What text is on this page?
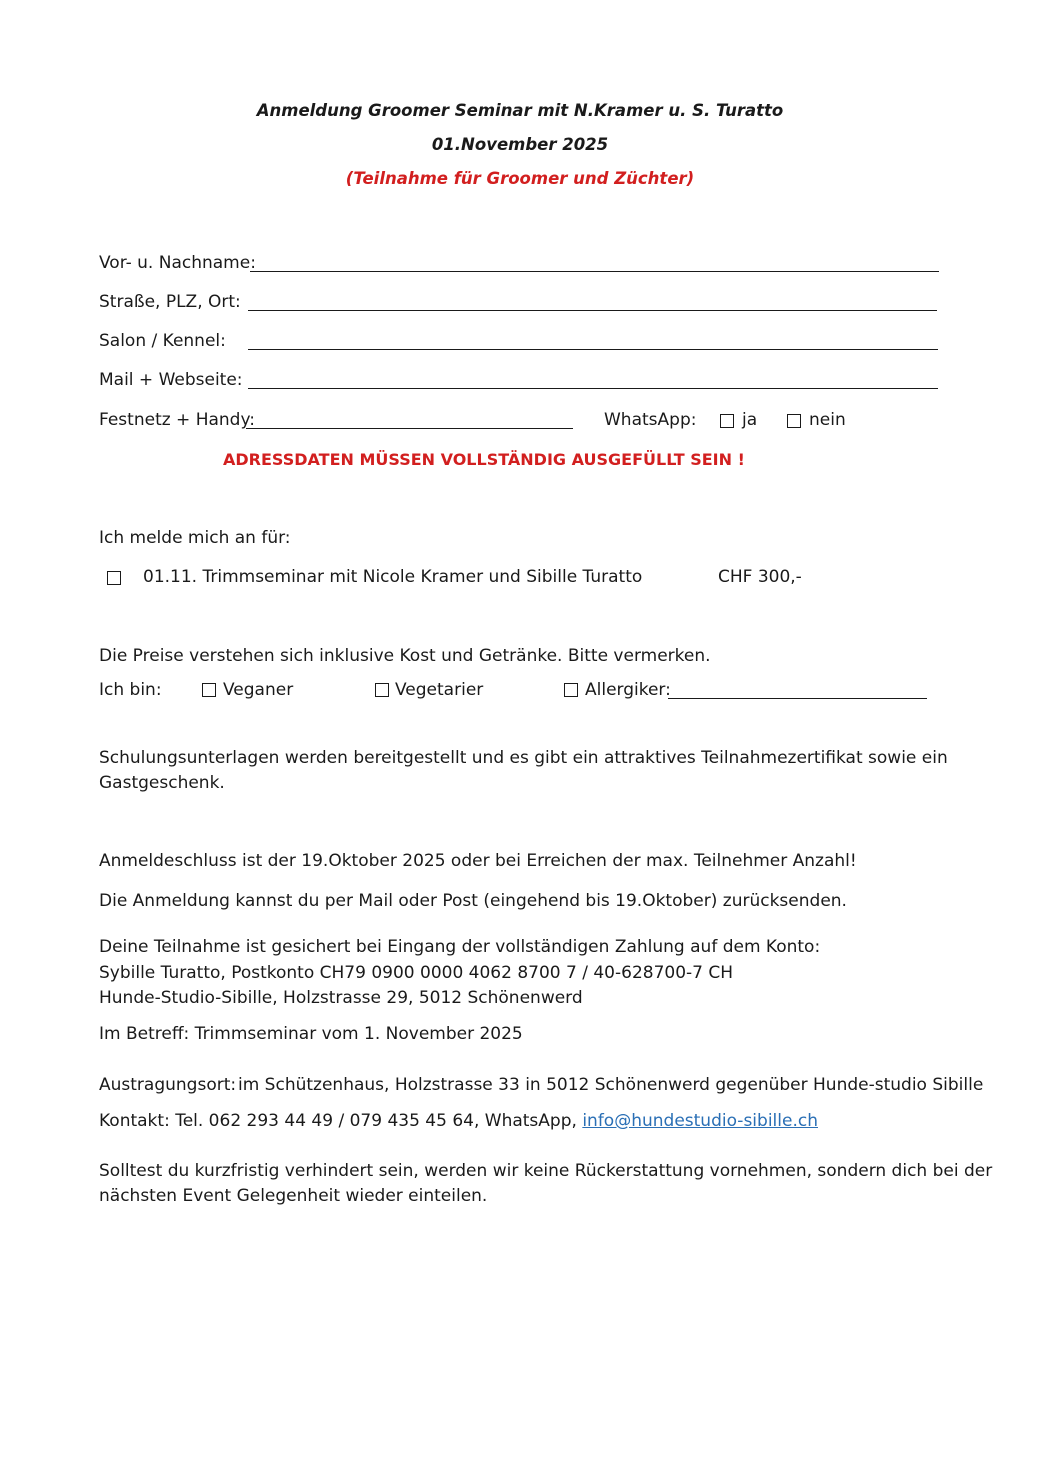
Anmeldung Groomer Seminar mit N.Kramer u. S. Turatto
01.November 2025
(Teilnahme für Groomer und Züchter)
Vor- u. Nachname:
Straße, PLZ, Ort:
Salon / Kennel:
Mail + Webseite:
Festnetz + Handy:	WhatsApp:	ja	nein
ADRESSDATEN MÜSSEN VOLLSTÄNDIG AUSGEFÜLLT SEIN !
Ich melde mich an für:
01.11. Trimmseminar mit Nicole Kramer und Sibille Turatto	CHF 300,-
Die Preise verstehen sich inklusive Kost und Getränke. Bitte vermerken.
Ich bin:	Veganer	Vegetarier	Allergiker:
Schulungsunterlagen werden bereitgestellt und es gibt ein attraktives Teilnahmezertifikat sowie ein
Gastgeschenk.
Anmeldeschluss ist der 19.Oktober 2025 oder bei Erreichen der max. Teilnehmer Anzahl!
Die Anmeldung kannst du per Mail oder Post (eingehend bis 19.Oktober) zurücksenden.
Deine Teilnahme ist gesichert bei Eingang der vollständigen Zahlung auf dem Konto:
Sybille Turatto, Postkonto CH79 0900 0000 4062 8700 7 / 40-628700-7 CH
Hunde-Studio-Sibille, Holzstrasse 29, 5012 Schönenwerd
Im Betreff: Trimmseminar vom 1. November 2025
Austragungsort: im Schützenhaus, Holzstrasse 33 in 5012 Schönenwerd gegenüber Hunde-studio Sibille
Kontakt: Tel. 062 293 44 49 / 079 435 45 64, WhatsApp, info@hundestudio-sibille.ch
Solltest du kurzfristig verhindert sein, werden wir keine Rückerstattung vornehmen, sondern dich bei der
nächsten Event Gelegenheit wieder einteilen.
